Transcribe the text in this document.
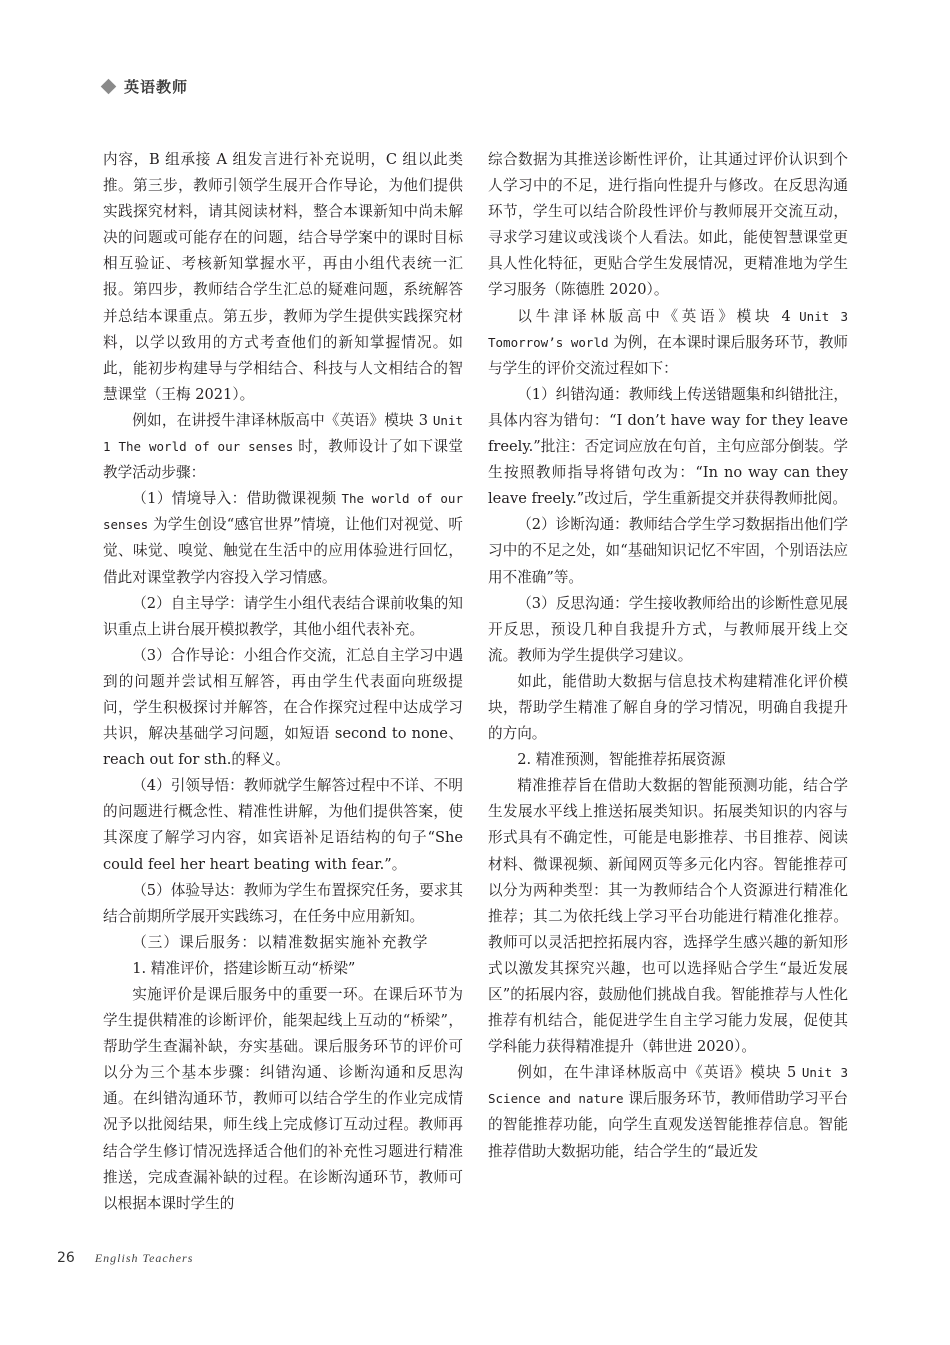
英语教师

内容，B 组承接 A 组发言进行补充说明，C 组以此类推。第三步，教师引领学生展开合作导论，为他们提供实践探究材料，请其阅读材料，整合本课新知中尚未解决的问题或可能存在的问题，结合导学案中的课时目标相互验证、考核新知掌握水平，再由小组代表统一汇报。第四步，教师结合学生汇总的疑难问题，系统解答并总结本课重点。第五步，教师为学生提供实践探究材料，以学以致用的方式考查他们的新知掌握情况。如此，能初步构建导与学相结合、科技与人文相结合的智慧课堂（王梅 2021）。

例如，在讲授牛津译林版高中《英语》模块 3 Unit 1 The world of our senses 时，教师设计了如下课堂教学活动步骤：

（1）情境导入：借助微课视频 The world of our senses 为学生创设“感官世界”情境，让他们对视觉、听觉、味觉、嗅觉、触觉在生活中的应用体验进行回忆，借此对课堂教学内容投入学习情感。

（2）自主导学：请学生小组代表结合课前收集的知识重点上讲台展开模拟教学，其他小组代表补充。

（3）合作导论：小组合作交流，汇总自主学习中遇到的问题并尝试相互解答，再由学生代表面向班级提问，学生积极探讨并解答，在合作探究过程中达成学习共识，解决基础学习问题，如短语 second to none、reach out for sth.的释义。

（4）引领导悟：教师就学生解答过程中不详、不明的问题进行概念性、精准性讲解，为他们提供答案，使其深度了解学习内容，如宾语补足语结构的句子“She could feel her heart beating with fear.”。

（5）体验导达：教师为学生布置探究任务，要求其结合前期所学展开实践练习，在任务中应用新知。

（三）课后服务：以精准数据实施补充教学

1. 精准评价，搭建诊断互动“桥梁”

实施评价是课后服务中的重要一环。在课后环节为学生提供精准的诊断评价，能架起线上互动的“桥梁”，帮助学生查漏补缺，夯实基础。课后服务环节的评价可以分为三个基本步骤：纠错沟通、诊断沟通和反思沟通。在纠错沟通环节，教师可以结合学生的作业完成情况予以批阅结果，师生线上完成修订互动过程。教师再结合学生修订情况选择适合他们的补充性习题进行精准推送，完成查漏补缺的过程。在诊断沟通环节，教师可以根据本课时学生的

综合数据为其推送诊断性评价，让其通过评价认识到个人学习中的不足，进行指向性提升与修改。在反思沟通环节，学生可以结合阶段性评价与教师展开交流互动，寻求学习建议或浅谈个人看法。如此，能使智慧课堂更具人性化特征，更贴合学生发展情况，更精准地为学生学习服务（陈德胜 2020）。

以牛津译林版高中《英语》模块 4 Unit 3 Tomorrow’s world 为例，在本课时课后服务环节，教师与学生的评价交流过程如下：

（1）纠错沟通：教师线上传送错题集和纠错批注，具体内容为错句：“I don’t have way for they leave freely.”批注：否定词应放在句首，主句应部分倒装。学生按照教师指导将错句改为：“In no way can they leave freely.”改过后，学生重新提交并获得教师批阅。

（2）诊断沟通：教师结合学生学习数据指出他们学习中的不足之处，如“基础知识记忆不牢固，个别语法应用不准确”等。

（3）反思沟通：学生接收教师给出的诊断性意见展开反思，预设几种自我提升方式，与教师展开线上交流。教师为学生提供学习建议。

如此，能借助大数据与信息技术构建精准化评价模块，帮助学生精准了解自身的学习情况，明确自我提升的方向。

2. 精准预测，智能推荐拓展资源

精准推荐旨在借助大数据的智能预测功能，结合学生发展水平线上推送拓展类知识。拓展类知识的内容与形式具有不确定性，可能是电影推荐、书目推荐、阅读材料、微课视频、新闻网页等多元化内容。智能推荐可以分为两种类型：其一为教师结合个人资源进行精准化推荐；其二为依托线上学习平台功能进行精准化推荐。教师可以灵活把控拓展内容，选择学生感兴趣的新知形式以激发其探究兴趣，也可以选择贴合学生“最近发展区”的拓展内容，鼓励他们挑战自我。智能推荐与人性化推荐有机结合，能促进学生自主学习能力发展，促使其学科能力获得精准提升（韩世进 2020）。

例如，在牛津译林版高中《英语》模块 5 Unit 3 Science and nature 课后服务环节，教师借助学习平台的智能推荐功能，向学生直观发送智能推荐信息。智能推荐借助大数据功能，结合学生的“最近发

26 English Teachers
